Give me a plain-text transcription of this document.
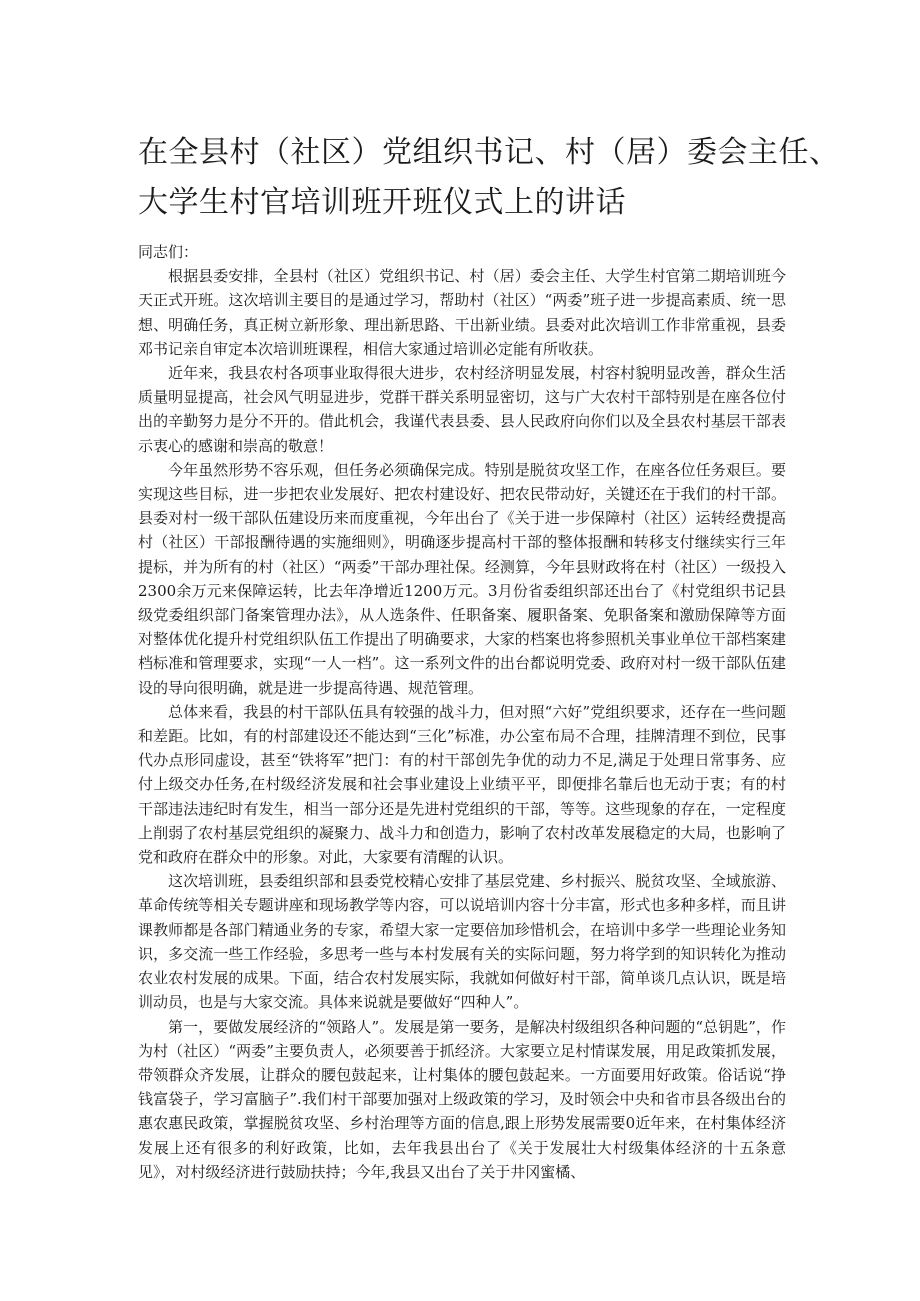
在全县村（社区）党组织书记、村（居）委会主任、
大学生村官培训班开班仪式上的讲话

同志们：

根据县委安排，全县村（社区）党组织书记、村（居）委会主任、大学生村官第二期培训班今天正式开班。这次培训主要目的是通过学习，帮助村（社区）“两委”班子进一步提高素质、统一思想、明确任务，真正树立新形象、理出新思路、干出新业绩。县委对此次培训工作非常重视，县委邓书记亲自审定本次培训班课程，相信大家通过培训必定能有所收获。

近年来，我县农村各项事业取得很大进步，农村经济明显发展，村容村貌明显改善，群众生活质量明显提高，社会风气明显进步，党群干群关系明显密切，这与广大农村干部特别是在座各位付出的辛勤努力是分不开的。借此机会，我谨代表县委、县人民政府向你们以及全县农村基层干部表示衷心的感谢和崇高的敬意！

今年虽然形势不容乐观，但任务必须确保完成。特别是脱贫攻坚工作，在座各位任务艰巨。要实现这些目标，进一步把农业发展好、把农村建设好、把农民带动好，关键还在于我们的村干部。县委对村一级干部队伍建设历来而度重视，今年出台了《关于进一步保障村（社区）运转经费提高村（社区）干部报酬待遇的实施细则》，明确逐步提高村干部的整体报酬和转移支付继续实行三年提标，并为所有的村（社区）“两委”干部办理社保。经测算，今年县财政将在村（社区）一级投入2300余万元来保障运转，比去年净增近1200万元。3月份省委组织部还出台了《村党组织书记县级党委组织部门备案管理办法》，从人选条件、任职备案、履职备案、免职备案和激励保障等方面对整体优化提升村党组织队伍工作提出了明确要求，大家的档案也将参照机关事业单位干部档案建档标准和管理要求，实现“一人一档”。这一系列文件的出台都说明党委、政府对村一级干部队伍建设的导向很明确，就是进一步提高待遇、规范管理。

总体来看，我县的村干部队伍具有较强的战斗力，但对照“六好”党组织要求，还存在一些问题和差距。比如，有的村部建设还不能达到“三化”标准，办公室布局不合理，挂牌清理不到位，民事代办点形同虚设，甚至“铁将军”把门：有的村干部创先争优的动力不足,满足于处理日常事务、应付上级交办任务,在村级经济发展和社会事业建设上业绩平平，即便排名靠后也无动于衷；有的村干部违法违纪时有发生，相当一部分还是先进村党组织的干部，等等。这些现象的存在，一定程度上削弱了农村基层党组织的凝聚力、战斗力和创造力，影响了农村改革发展稳定的大局，也影响了党和政府在群众中的形象。对此，大家要有清醒的认识。

这次培训班，县委组织部和县委党校精心安排了基层党建、乡村振兴、脱贫攻坚、全域旅游、革命传统等相关专题讲座和现场教学等内容，可以说培训内容十分丰富，形式也多种多样，而且讲课教师都是各部门精通业务的专家，希望大家一定要倍加珍惜机会，在培训中多学一些理论业务知识，多交流一些工作经验，多思考一些与本村发展有关的实际问题，努力将学到的知识转化为推动农业农村发展的成果。下面，结合农村发展实际，我就如何做好村干部，简单谈几点认识，既是培训动员，也是与大家交流。具体来说就是要做好“四种人”。

第一，要做发展经济的“领路人”。发展是第一要务，是解决村级组织各种问题的“总钥匙”，作为村（社区）“两委”主要负责人，必须要善于抓经济。大家要立足村情谋发展，用足政策抓发展，带领群众齐发展，让群众的腰包鼓起来，让村集体的腰包鼓起来。一方面要用好政策。俗话说“挣钱富袋子，学习富脑子”.我们村干部要加强对上级政策的学习，及时领会中央和省市县各级出台的惠农惠民政策，掌握脱贫攻坚、乡村治理等方面的信息,跟上形势发展需要0近年来，在村集体经济发展上还有很多的利好政策，比如，去年我县出台了《关于发展壮大村级集体经济的十五条意见》，对村级经济进行鼓励扶持；今年,我县又出台了关于井冈蜜橘、
